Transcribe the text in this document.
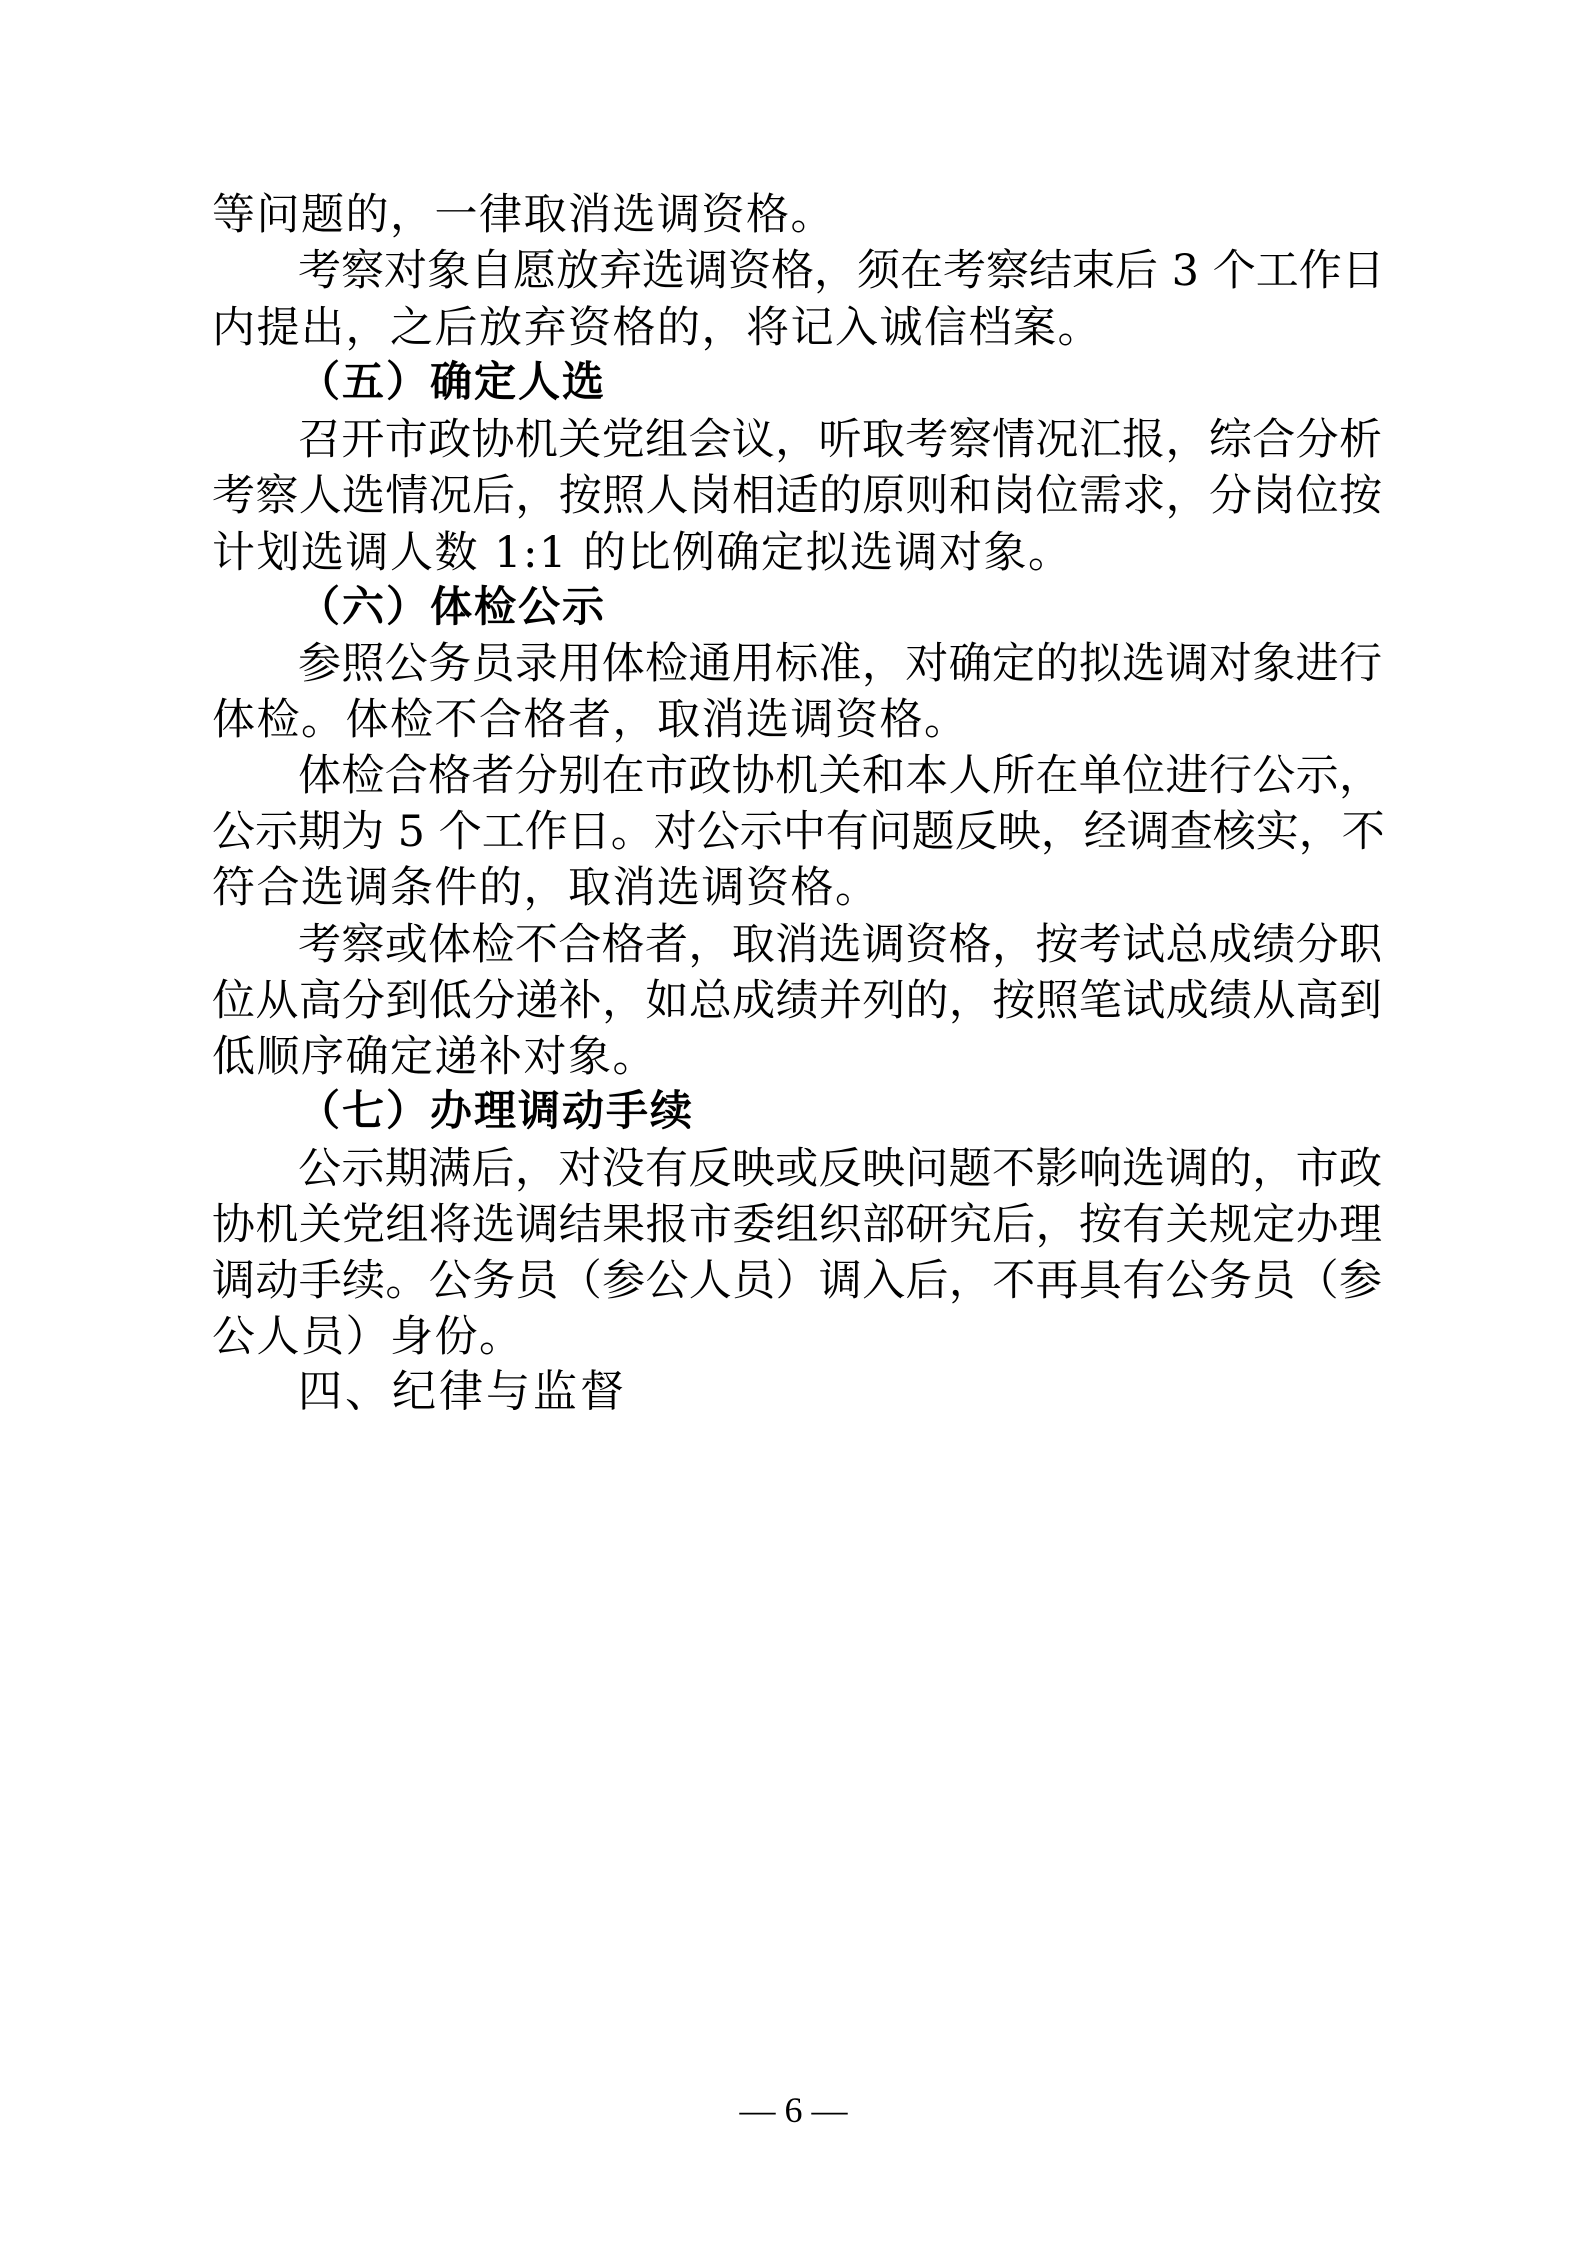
等问题的，一律取消选调资格。
考察对象自愿放弃选调资格，须在考察结束后 3 个工作日
内提出，之后放弃资格的，将记入诚信档案。
（五）确定人选
召开市政协机关党组会议，听取考察情况汇报，综合分析
考察人选情况后，按照人岗相适的原则和岗位需求，分岗位按
计划选调人数 1:1 的比例确定拟选调对象。
（六）体检公示
参照公务员录用体检通用标准，对确定的拟选调对象进行
体检。体检不合格者，取消选调资格。
体检合格者分别在市政协机关和本人所在单位进行公示，
公示期为 5 个工作日。对公示中有问题反映，经调查核实，不
符合选调条件的，取消选调资格。
考察或体检不合格者，取消选调资格，按考试总成绩分职
位从高分到低分递补，如总成绩并列的，按照笔试成绩从高到
低顺序确定递补对象。
（七）办理调动手续
公示期满后，对没有反映或反映问题不影响选调的，市政
协机关党组将选调结果报市委组织部研究后，按有关规定办理
调动手续。公务员（参公人员）调入后，不再具有公务员（参
公人员）身份。
四、纪律与监督
— 6 —
